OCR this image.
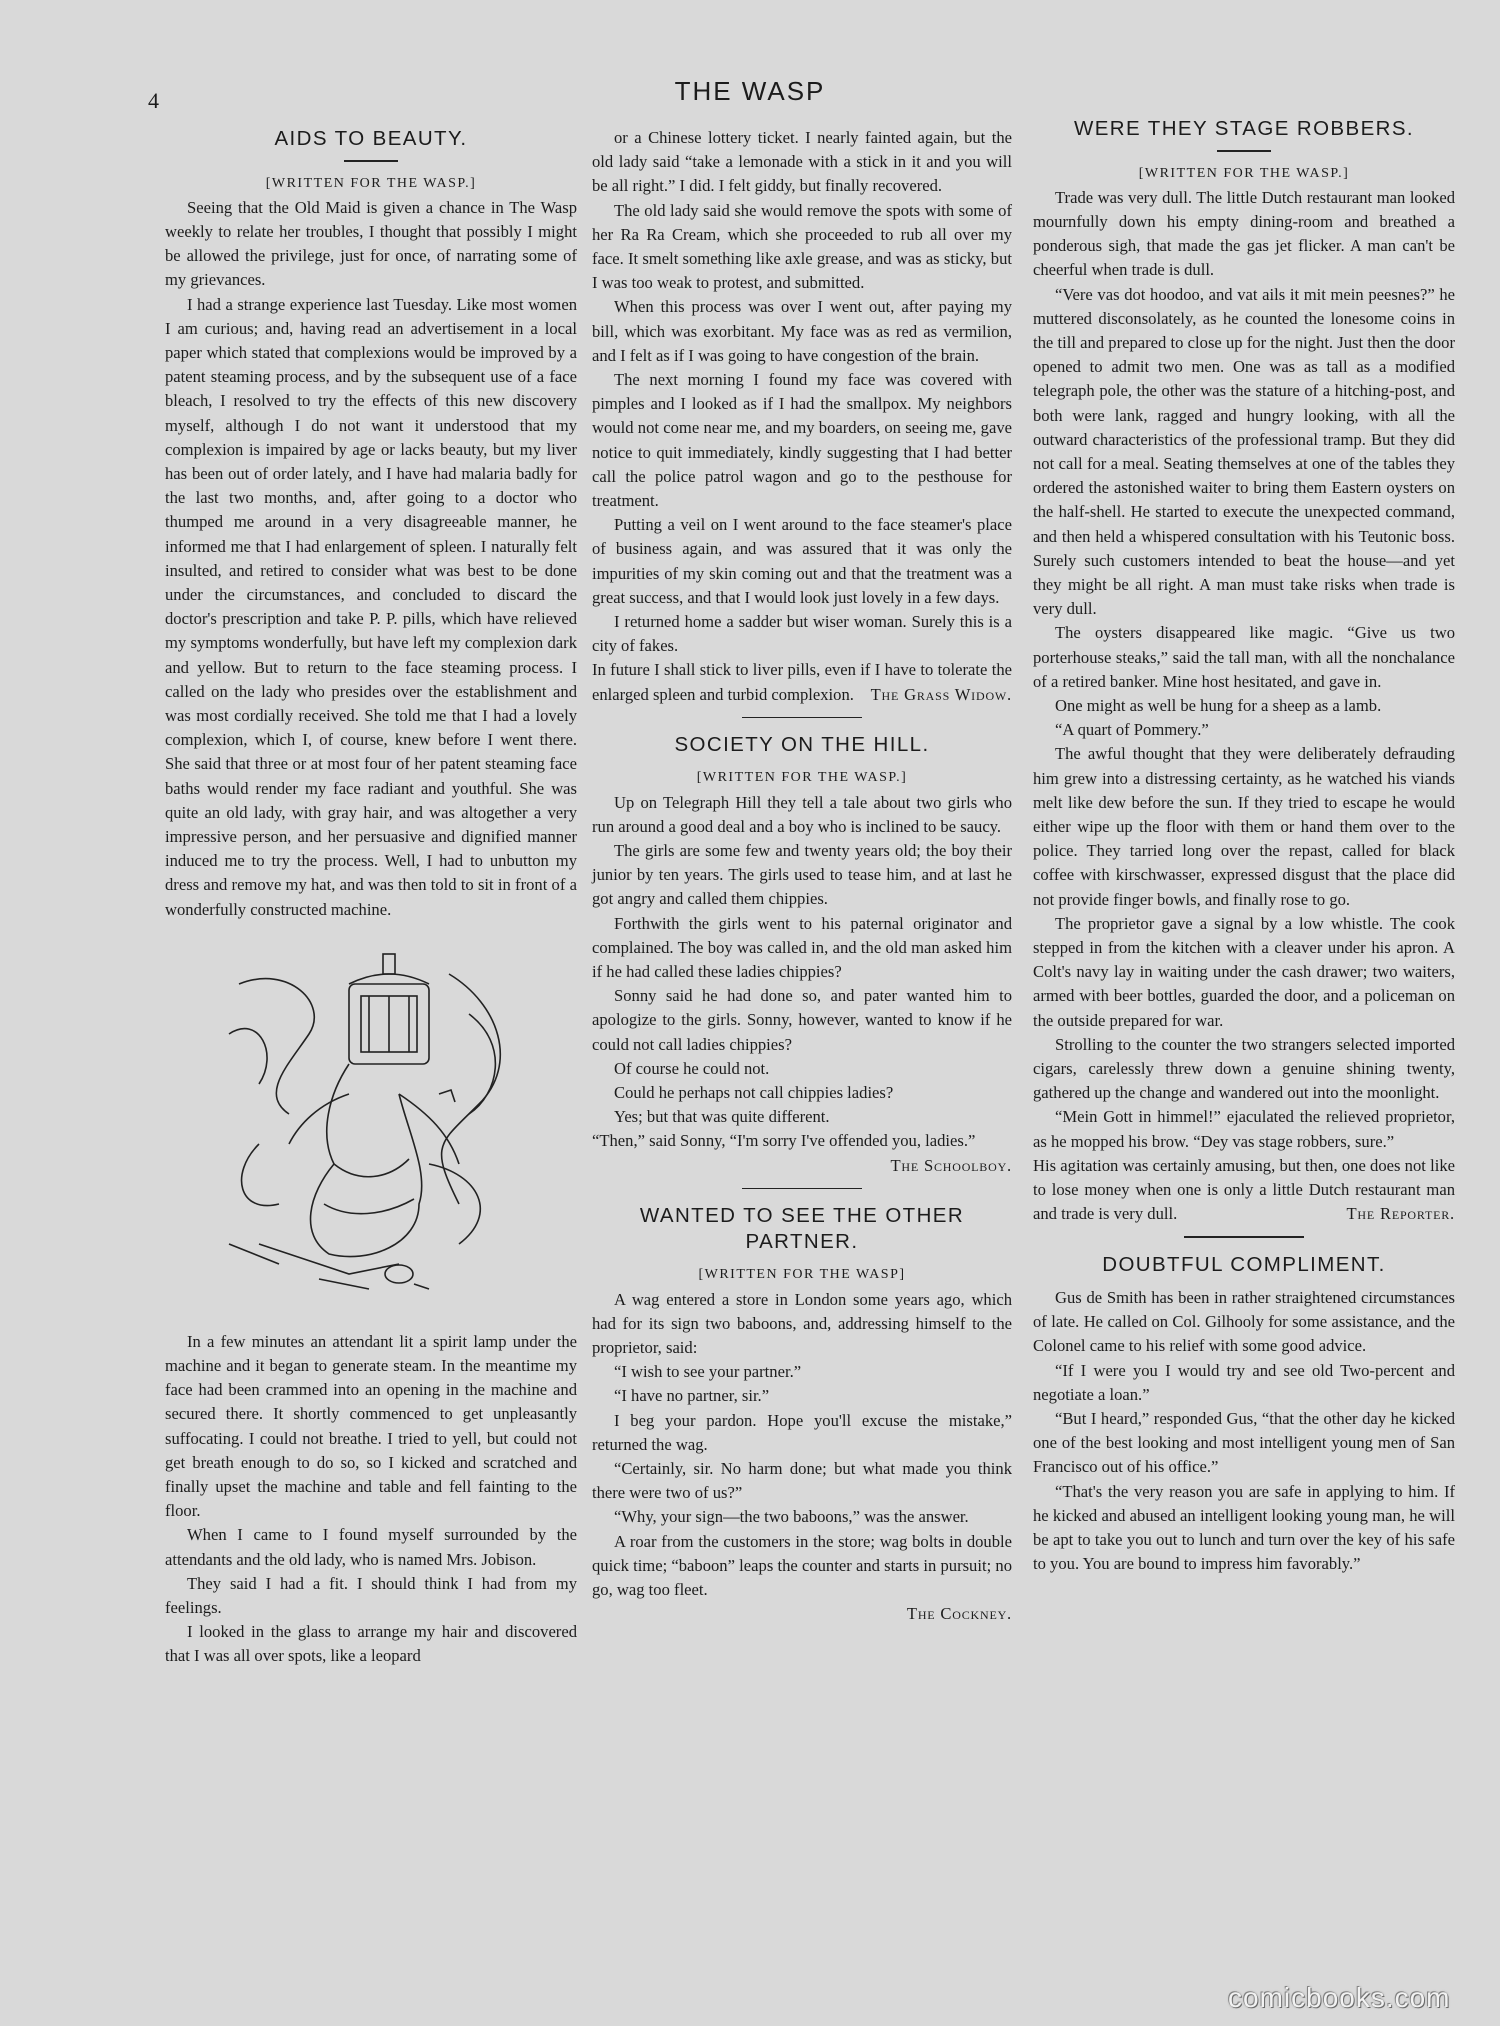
4	THE WASP
AIDS TO BEAUTY.

[WRITTEN FOR THE WASP.]

Seeing that the Old Maid is given a chance in The Wasp weekly to relate her troubles, I thought that possibly I might be allowed the privilege, just for once, of narrating some of my grievances.

I had a strange experience last Tuesday. Like most women I am curious; and, having read an advertisement in a local paper which stated that complexions would be improved by a patent steaming process, and by the subsequent use of a face bleach, I resolved to try the effects of this new discovery myself, although I do not want it understood that my complexion is impaired by age or lacks beauty, but my liver has been out of order lately, and I have had malaria badly for the last two months, and, after going to a doctor who thumped me around in a very disagreeable manner, he informed me that I had enlargement of spleen. I naturally felt insulted, and retired to consider what was best to be done under the circumstances, and concluded to discard the doctor's prescription and take P. P. pills, which have relieved my symptoms wonderfully, but have left my complexion dark and yellow. But to return to the face steaming process. I called on the lady who presides over the establishment and was most cordially received. She told me that I had a lovely complexion, which I, of course, knew before I went there. She said that three or at most four of her patent steaming face baths would render my face radiant and youthful. She was quite an old lady, with gray hair, and was altogether a very impressive person, and her persuasive and dignified manner induced me to try the process. Well, I had to unbutton my dress and remove my hat, and was then told to sit in front of a wonderfully constructed machine.

In a few minutes an attendant lit a spirit lamp under the machine and it began to generate steam. In the meantime my face had been crammed into an opening in the machine and secured there. It shortly commenced to get unpleasantly suffocating. I could not breathe. I tried to yell, but could not get breath enough to do so, so I kicked and scratched and finally upset the machine and table and fell fainting to the floor.

When I came to I found myself surrounded by the attendants and the old lady, who is named Mrs. Jobison.

They said I had a fit. I should think I had from my feelings.

I looked in the glass to arrange my hair and discovered that I was all over spots, like a leopard

or a Chinese lottery ticket. I nearly fainted again, but the old lady said “take a lemonade with a stick in it and you will be all right.” I did. I felt giddy, but finally recovered.

The old lady said she would remove the spots with some of her Ra Ra Cream, which she proceeded to rub all over my face. It smelt something like axle grease, and was as sticky, but I was too weak to protest, and submitted.

When this process was over I went out, after paying my bill, which was exorbitant. My face was as red as vermilion, and I felt as if I was going to have congestion of the brain.

The next morning I found my face was covered with pimples and I looked as if I had the smallpox. My neighbors would not come near me, and my boarders, on seeing me, gave notice to quit immediately, kindly suggesting that I had better call the police patrol wagon and go to the pesthouse for treatment.

Putting a veil on I went around to the face steamer's place of business again, and was assured that it was only the impurities of my skin coming out and that the treatment was a great success, and that I would look just lovely in a few days.

I returned home a sadder but wiser woman. Surely this is a city of fakes.

In future I shall stick to liver pills, even if I have to tolerate the enlarged spleen and turbid complexion. The Grass Widow.

SOCIETY ON THE HILL.

[WRITTEN FOR THE WASP.]

Up on Telegraph Hill they tell a tale about two girls who run around a good deal and a boy who is inclined to be saucy.

The girls are some few and twenty years old; the boy their junior by ten years. The girls used to tease him, and at last he got angry and called them chippies.

Forthwith the girls went to his paternal originator and complained. The boy was called in, and the old man asked him if he had called these ladies chippies?

Sonny said he had done so, and pater wanted him to apologize to the girls. Sonny, however, wanted to know if he could not call ladies chippies?

Of course he could not.

Could he perhaps not call chippies ladies?

Yes; but that was quite different.

“Then,” said Sonny, “I'm sorry I've offended you, ladies.”
The Schoolboy.

WANTED TO SEE THE OTHER PARTNER.

[WRITTEN FOR THE WASP]

A wag entered a store in London some years ago, which had for its sign two baboons, and, addressing himself to the proprietor, said:

“I wish to see your partner.”

“I have no partner, sir.”

I beg your pardon. Hope you'll excuse the mistake,” returned the wag.

“Certainly, sir. No harm done; but what made you think there were two of us?”

“Why, your sign—the two baboons,” was the answer.

A roar from the customers in the store; wag bolts in double quick time; “baboon” leaps the counter and starts in pursuit; no go, wag too fleet.

The Cockney.

WERE THEY STAGE ROBBERS.

[WRITTEN FOR THE WASP.]

Trade was very dull. The little Dutch restaurant man looked mournfully down his empty dining-room and breathed a ponderous sigh, that made the gas jet flicker. A man can't be cheerful when trade is dull.

“Vere vas dot hoodoo, and vat ails it mit mein peesnes?” he muttered disconsolately, as he counted the lonesome coins in the till and prepared to close up for the night. Just then the door opened to admit two men. One was as tall as a modified telegraph pole, the other was the stature of a hitching-post, and both were lank, ragged and hungry looking, with all the outward characteristics of the professional tramp. But they did not call for a meal. Seating themselves at one of the tables they ordered the astonished waiter to bring them Eastern oysters on the half-shell. He started to execute the unexpected command, and then held a whispered consultation with his Teutonic boss. Surely such customers intended to beat the house—and yet they might be all right. A man must take risks when trade is very dull.

The oysters disappeared like magic. “Give us two porterhouse steaks,” said the tall man, with all the nonchalance of a retired banker. Mine host hesitated, and gave in.

One might as well be hung for a sheep as a lamb.

“A quart of Pommery.”

The awful thought that they were deliberately defrauding him grew into a distressing certainty, as he watched his viands melt like dew before the sun. If they tried to escape he would either wipe up the floor with them or hand them over to the police. They tarried long over the repast, called for black coffee with kirschwasser, expressed disgust that the place did not provide finger bowls, and finally rose to go.

The proprietor gave a signal by a low whistle. The cook stepped in from the kitchen with a cleaver under his apron. A Colt's navy lay in waiting under the cash drawer; two waiters, armed with beer bottles, guarded the door, and a policeman on the outside prepared for war.

Strolling to the counter the two strangers selected imported cigars, carelessly threw down a genuine shining twenty, gathered up the change and wandered out into the moonlight.

“Mein Gott in himmel!” ejaculated the relieved proprietor, as he mopped his brow. “Dey vas stage robbers, sure.”

His agitation was certainly amusing, but then, one does not like to lose money when one is only a little Dutch restaurant man and trade is very dull.	The Reporter.

DOUBTFUL COMPLIMENT.

Gus de Smith has been in rather straightened circumstances of late. He called on Col. Gilhooly for some assistance, and the Colonel came to his relief with some good advice.

“If I were you I would try and see old Two-percent and negotiate a loan.”

“But I heard,” responded Gus, “that the other day he kicked one of the best looking and most intelligent young men of San Francisco out of his office.”

“That's the very reason you are safe in applying to him. If he kicked and abused an intelligent looking young man, he will be apt to take you out to lunch and turn over the key of his safe to you. You are bound to impress him favorably.”

comicbooks.com
